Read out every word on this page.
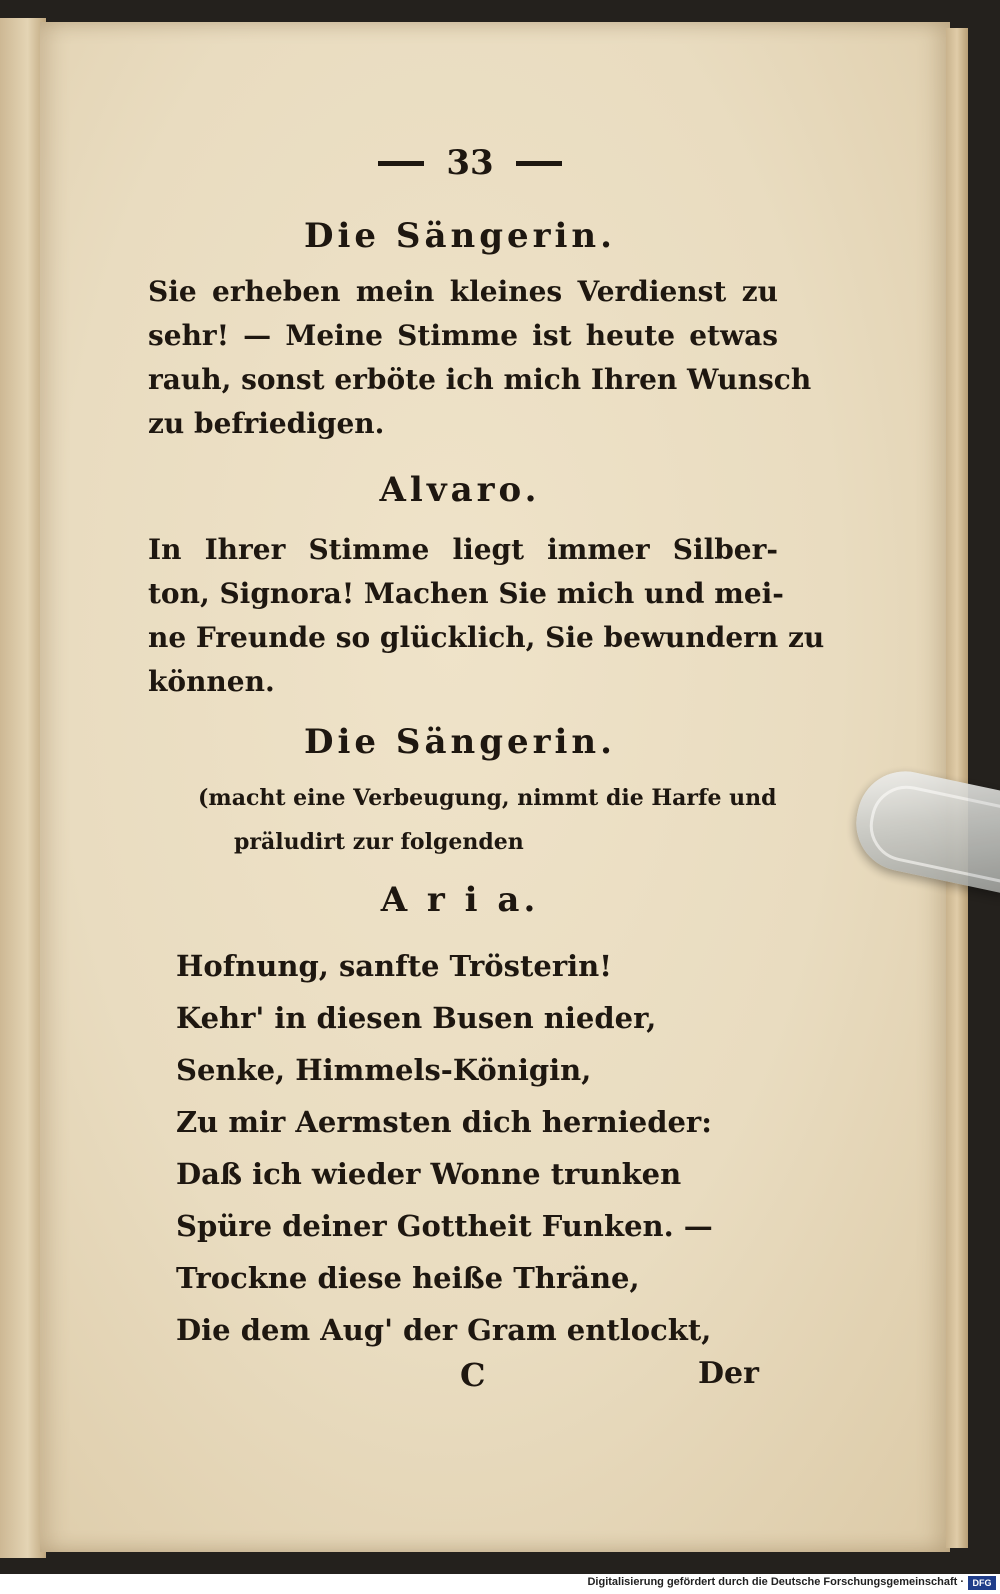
33
Die Sängerin.
Sie erheben mein kleines Verdienst zu
sehr! — Meine Stimme ist heute etwas
rauh, sonst erböte ich mich Ihren Wunsch
zu befriedigen.
Alvaro.
In Ihrer Stimme liegt immer Silber-
ton, Signora! Machen Sie mich und mei-
ne Freunde so glücklich, Sie bewundern zu
können.
Die Sängerin.
(macht eine Verbeugung, nimmt die Harfe und
präludirt zur folgenden
A r i a.
Hofnung, sanfte Trösterin!
Kehr' in diesen Busen nieder,
Senke, Himmels-Königin,
Zu mir Aermsten dich hernieder:
Daß ich wieder Wonne trunken
Spüre deiner Gottheit Funken. —
Trockne diese heiße Thräne,
Die dem Aug' der Gram entlockt,
C	Der
Digitalisierung gefördert durch die Deutsche Forschungsgemeinschaft · DFG
